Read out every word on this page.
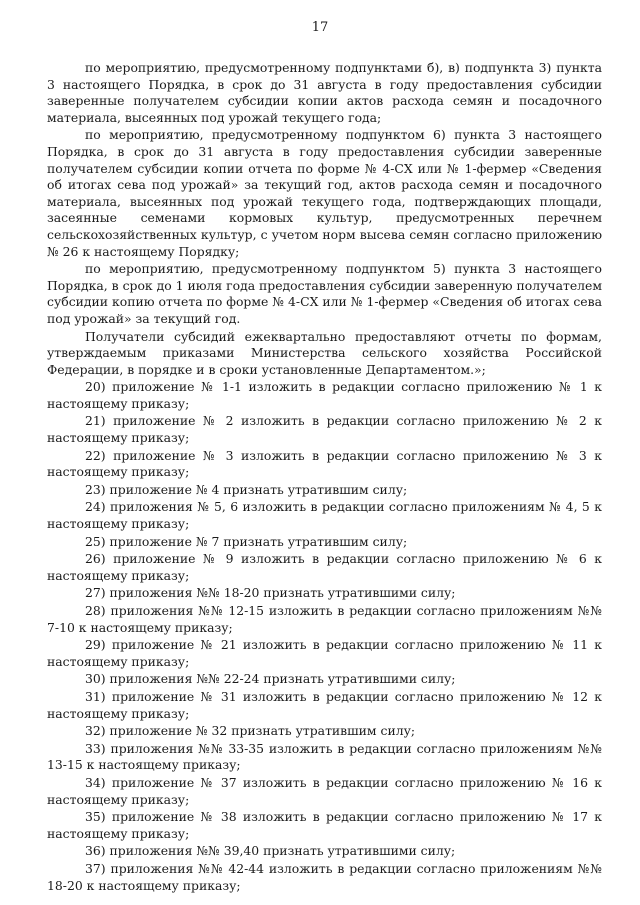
17

по мероприятию, предусмотренному подпунктами б), в) подпункта 3) пункта 3 настоящего Порядка, в срок до 31 августа в году предоставления субсидии заверенные получателем субсидии копии актов расхода семян и посадочного материала, высеянных под урожай текущего года;

по мероприятию, предусмотренному подпунктом 6) пункта 3 настоящего Порядка, в срок до 31 августа в году предоставления субсидии заверенные получателем субсидии копии отчета по форме № 4-СХ или № 1-фермер «Сведения об итогах сева под урожай» за текущий год, актов расхода семян и посадочного материала, высеянных под урожай текущего года, подтверждающих площади, засеянные семенами кормовых культур, предусмотренных перечнем сельскохозяйственных культур, с учетом норм высева семян согласно приложению № 26 к настоящему Порядку;

по мероприятию, предусмотренному подпунктом 5) пункта 3 настоящего Порядка, в срок до 1 июля года предоставления субсидии заверенную получателем субсидии копию отчета по форме № 4-СХ или № 1-фермер «Сведения об итогах сева под урожай» за текущий год.

Получатели субсидий ежеквартально предоставляют отчеты по формам, утверждаемым приказами Министерства сельского хозяйства Российской Федерации, в порядке и в сроки установленные Департаментом.»;

20) приложение № 1-1 изложить в редакции согласно приложению № 1 к настоящему приказу;

21) приложение № 2 изложить в редакции согласно приложению № 2 к настоящему приказу;

22) приложение № 3 изложить в редакции согласно приложению № 3 к настоящему приказу;

23) приложение № 4 признать утратившим силу;

24) приложения № 5, 6 изложить в редакции согласно приложениям № 4, 5 к настоящему приказу;

25) приложение № 7 признать утратившим силу;

26) приложение № 9 изложить в редакции согласно приложению № 6 к настоящему приказу;

27) приложения №№ 18-20 признать утратившими силу;

28) приложения №№ 12-15 изложить в редакции согласно приложениям №№ 7-10 к настоящему приказу;

29) приложение № 21 изложить в редакции согласно приложению № 11 к настоящему приказу;

30) приложения №№ 22-24 признать утратившими силу;

31) приложение № 31 изложить в редакции согласно приложению № 12 к настоящему приказу;

32) приложение № 32 признать утратившим силу;

33) приложения №№ 33-35 изложить в редакции согласно приложениям №№ 13-15 к настоящему приказу;

34) приложение № 37 изложить в редакции согласно приложению № 16 к настоящему приказу;

35) приложение № 38 изложить в редакции согласно приложению № 17 к настоящему приказу;

36) приложения №№ 39,40 признать утратившими силу;

37) приложения №№ 42-44 изложить в редакции согласно приложениям №№ 18-20 к настоящему приказу;
